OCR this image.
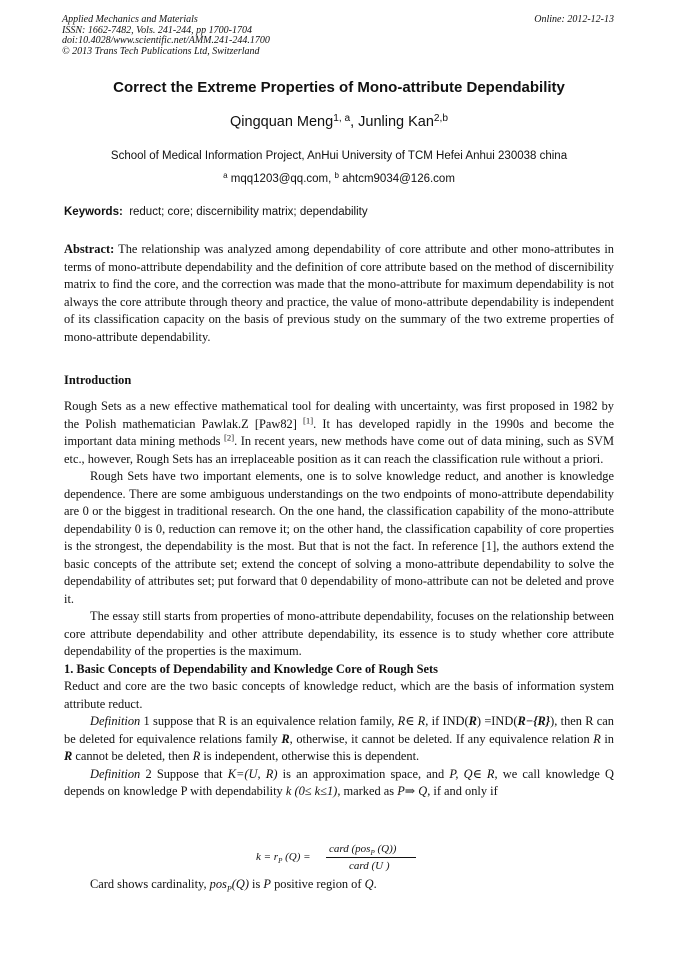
Applied Mechanics and Materials
ISSN: 1662-7482, Vols. 241-244, pp 1700-1704
doi:10.4028/www.scientific.net/AMM.241-244.1700
© 2013 Trans Tech Publications Ltd, Switzerland
Online: 2012-12-13
Correct the Extreme Properties of Mono-attribute Dependability
Qingquan Meng$^{1, a}$, Junling Kan$^{2,b}$
School of Medical Information Project, AnHui University of TCM Hefei Anhui 230038 china
$^a$ mqq1203@qq.com, $^b$ ahtcm9034@126.com
Keywords: reduct; core; discernibility matrix; dependability
Abstract: The relationship was analyzed among dependability of core attribute and other mono-attributes in terms of mono-attribute dependability and the definition of core attribute based on the method of discernibility matrix to find the core, and the correction was made that the mono-attribute for maximum dependability is not always the core attribute through theory and practice, the value of mono-attribute dependability is independent of its classification capacity on the basis of previous study on the summary of the two extreme properties of mono-attribute dependability.
Introduction

Rough Sets as a new effective mathematical tool for dealing with uncertainty, was first proposed in 1982 by the Polish mathematician Pawlak.Z [Paw82] [1]. It has developed rapidly in the 1990s and become the important data mining methods [2]. In recent years, new methods have come out of data mining, such as SVM etc., however, Rough Sets has an irreplaceable position as it can reach the classification rule without a priori.

Rough Sets have two important elements, one is to solve knowledge reduct, and another is knowledge dependence. There are some ambiguous understandings on the two endpoints of mono-attribute dependability are 0 or the biggest in traditional research. On the one hand, the classification capability of the mono-attribute dependability 0 is 0, reduction can remove it; on the other hand, the classification capability of core properties is the strongest, the dependability is the most. But that is not the fact. In reference [1], the authors extend the basic concepts of the attribute set; extend the concept of solving a mono-attribute dependability to solve the dependability of attributes set; put forward that 0 dependability of mono-attribute can not be deleted and prove it.

The essay still starts from properties of mono-attribute dependability, focuses on the relationship between core attribute dependability and other attribute dependability, its essence is to study whether core attribute dependability of the properties is the maximum.

1. Basic Concepts of Dependability and Knowledge Core of Rough Sets

Reduct and core are the two basic concepts of knowledge reduct, which are the basis of information system attribute reduct.

Definition 1 suppose that R is an equivalence relation family, R∈ R, if IND(R) =IND(R−{R}), then R can be deleted for equivalence relations family R, otherwise, it cannot be deleted. If any equivalence relation R in R cannot be deleted, then R is independent, otherwise this is dependent.

Definition 2 Suppose that K=(U, R) is an approximation space, and P, Q∈ R, we call knowledge Q depends on knowledge P with dependability k (0≤ k≤1), marked as P⇒ Q, if and only if

$k = r_P$ (Q) =
card (pos$_P$ (Q))
card (U )
Card shows cardinality, pos$_P$(Q) is P positive region of Q.
